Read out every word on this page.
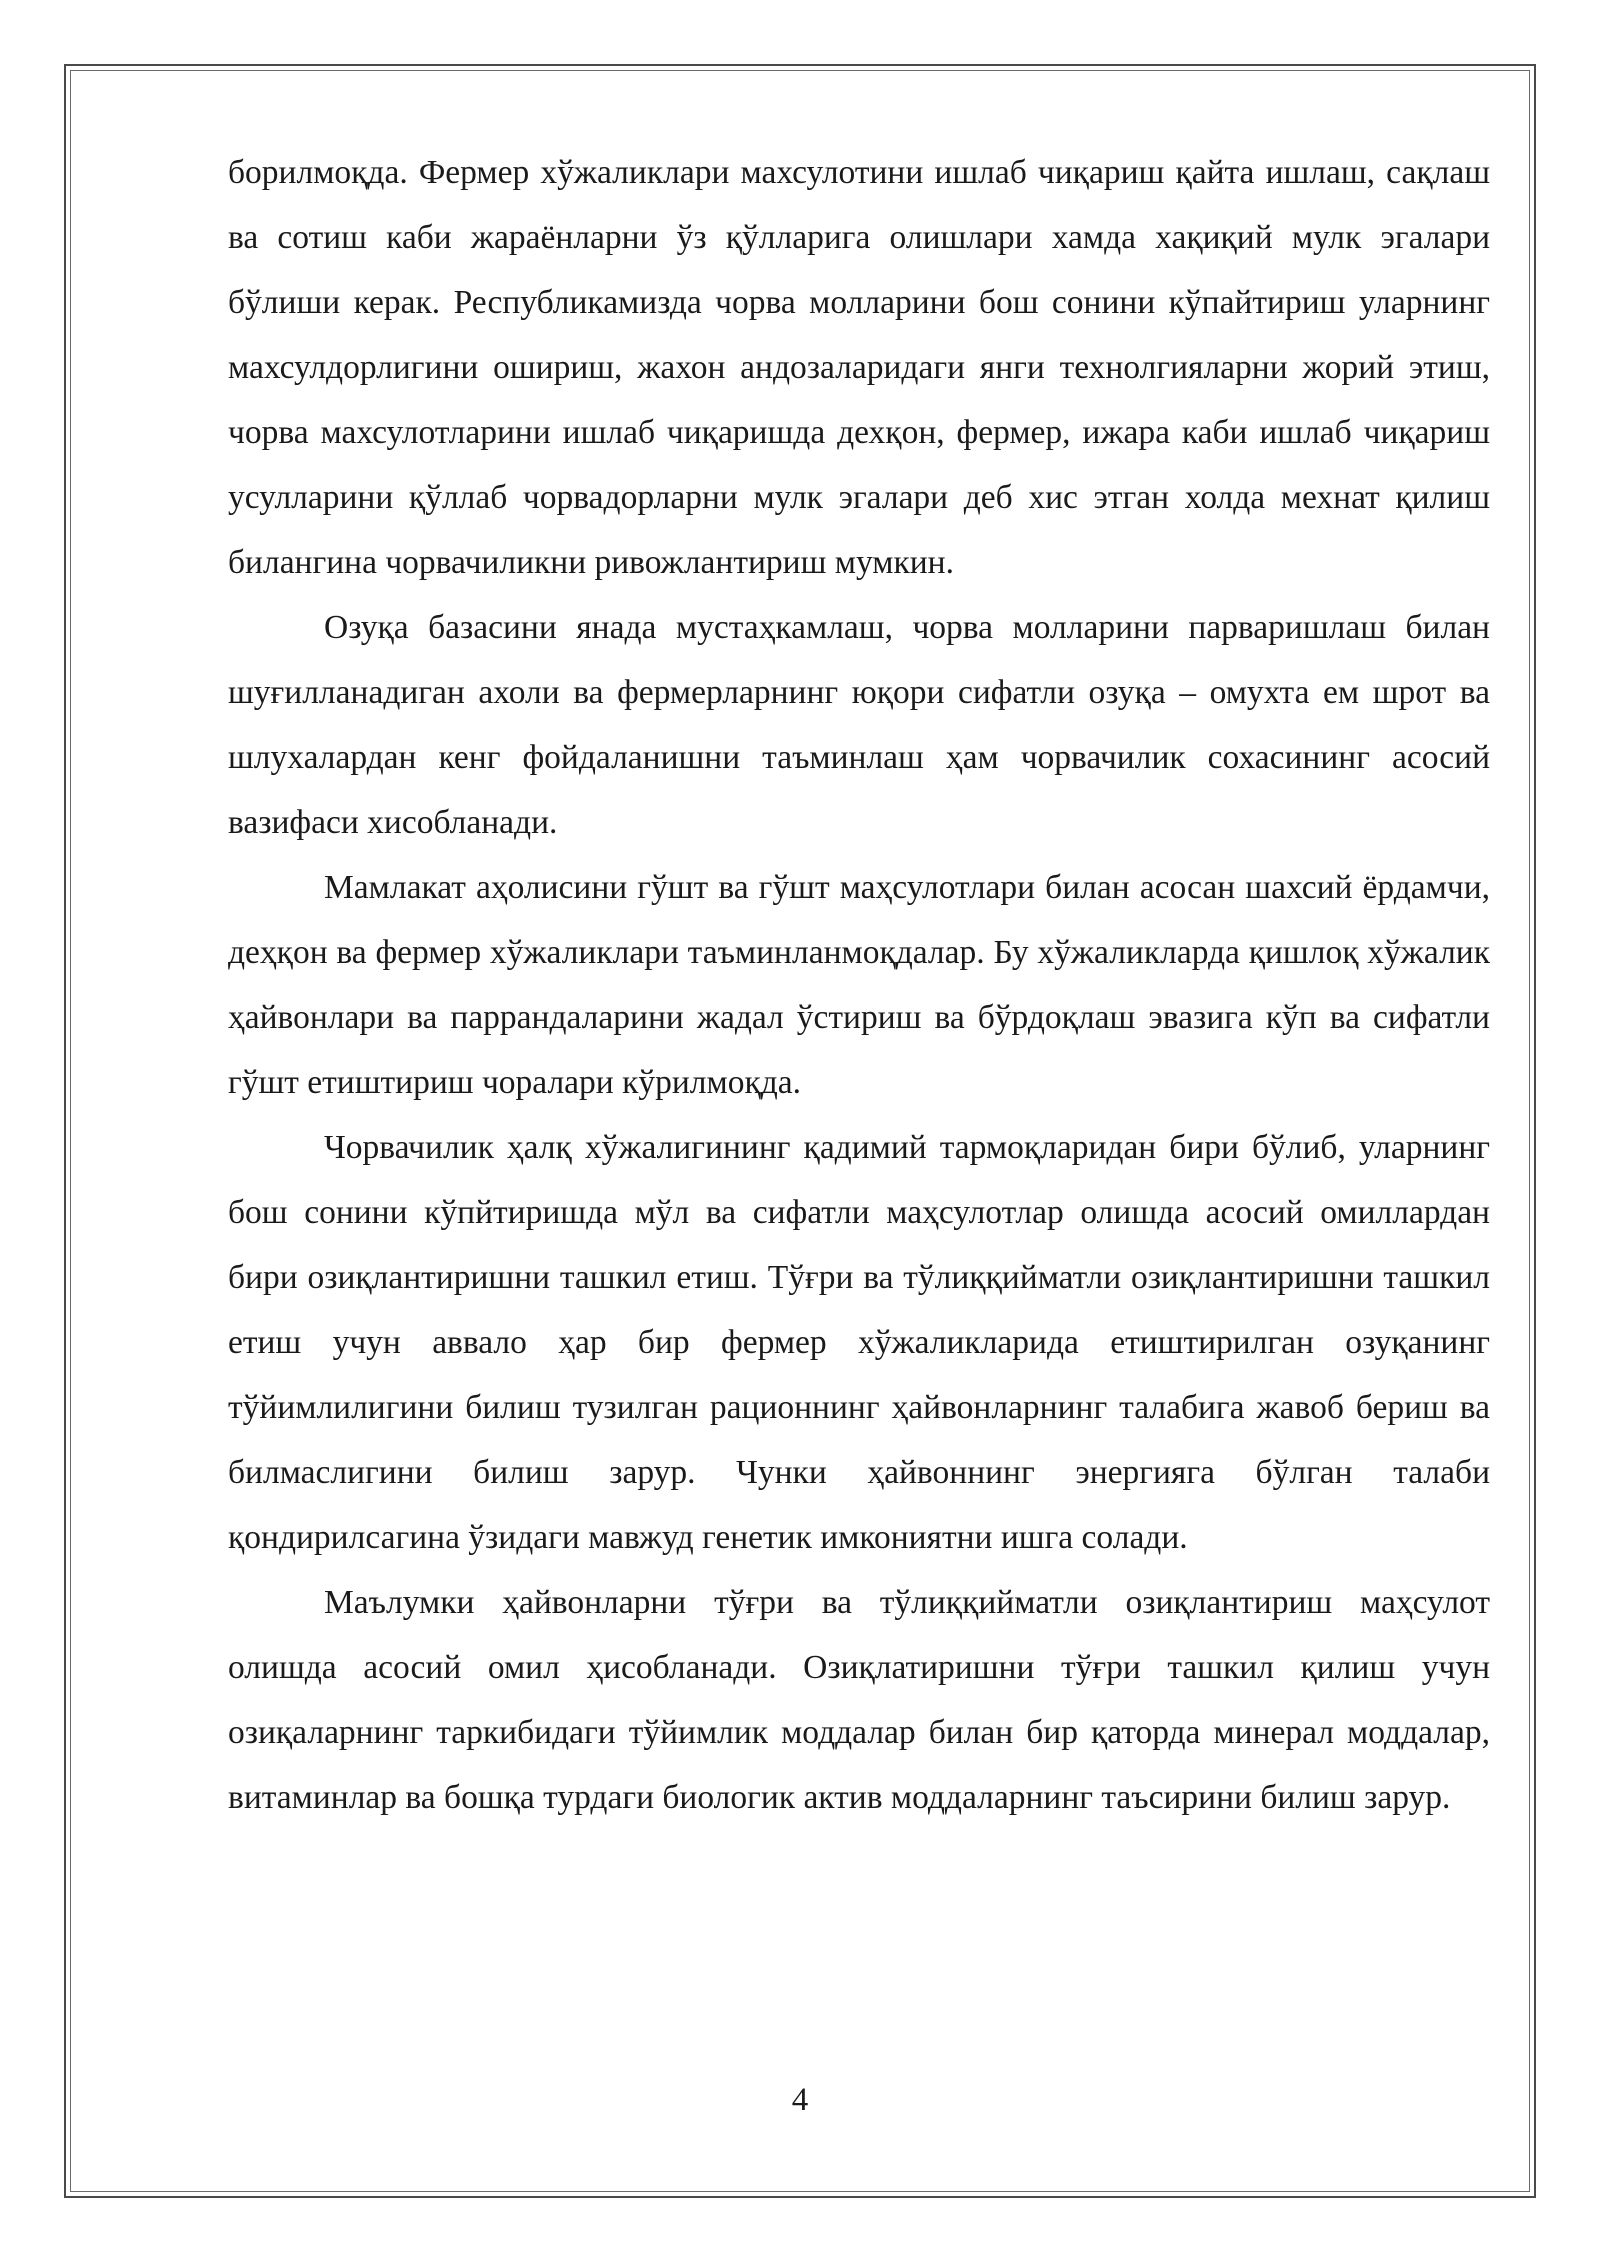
борилмоқда. Фермер хўжаликлари махсулотини ишлаб чиқариш қайта ишлаш, сақлаш ва сотиш каби жараёнларни ўз қўлларига олишлари хамда хақиқий мулк эгалари бўлиши керак. Республикамизда чорва молларини бош сонини кўпайтириш уларнинг махсулдорлигини ошириш, жахон андозаларидаги янги технолгияларни жорий этиш, чорва махсулотларини ишлаб чиқаришда дехқон, фермер, ижара каби ишлаб чиқариш усулларини қўллаб чорвадорларни мулк эгалари деб хис этган холда мехнат қилиш билангина чорвачиликни ривожлантириш мумкин.

Озуқа базасини янада мустаҳкамлаш, чорва молларини парваришлаш билан шуғилланадиган ахоли ва фермерларнинг юқори сифатли озуқа – омухта ем шрот ва шлухалардан кенг фойдаланишни таъминлаш ҳам чорвачилик сохасининг асосий вазифаси хисобланади.

Мамлакат аҳолисини гўшт ва гўшт маҳсулотлари билан асосан шахсий ёрдамчи, деҳқон ва фермер хўжаликлари таъминланмоқдалар. Бу хўжаликларда қишлоқ хўжалик ҳайвонлари ва паррандаларини жадал ўстириш ва бўрдоқлаш эвазига кўп ва сифатли гўшт етиштириш чоралари кўрилмоқда.

Чорвачилик ҳалқ хўжалигининг қадимий тармоқларидан бири бўлиб, уларнинг бош сонини кўпйтиришда мўл ва сифатли маҳсулотлар олишда асосий омиллардан бири озиқлантиришни ташкил етиш. Тўғри ва тўлиққийматли озиқлантиришни ташкил етиш учун аввало ҳар бир фермер хўжаликларида етиштирилган озуқанинг тўйимлилигини билиш тузилган рационнинг ҳайвонларнинг талабига жавоб бериш ва билмаслигини билиш зарур. Чунки ҳайвоннинг энергияга бўлган талаби қондирилсагина ўзидаги мавжуд генетик имкониятни ишга солади.

Маълумки ҳайвонларни тўғри ва тўлиққийматли озиқлантириш маҳсулот олишда асосий омил ҳисобланади. Озиқлатиришни тўғри ташкил қилиш учун озиқаларнинг таркибидаги тўйимлик моддалар билан бир қаторда минерал моддалар, витаминлар ва бошқа турдаги биологик актив моддаларнинг таъсирини билиш зарур.

4
